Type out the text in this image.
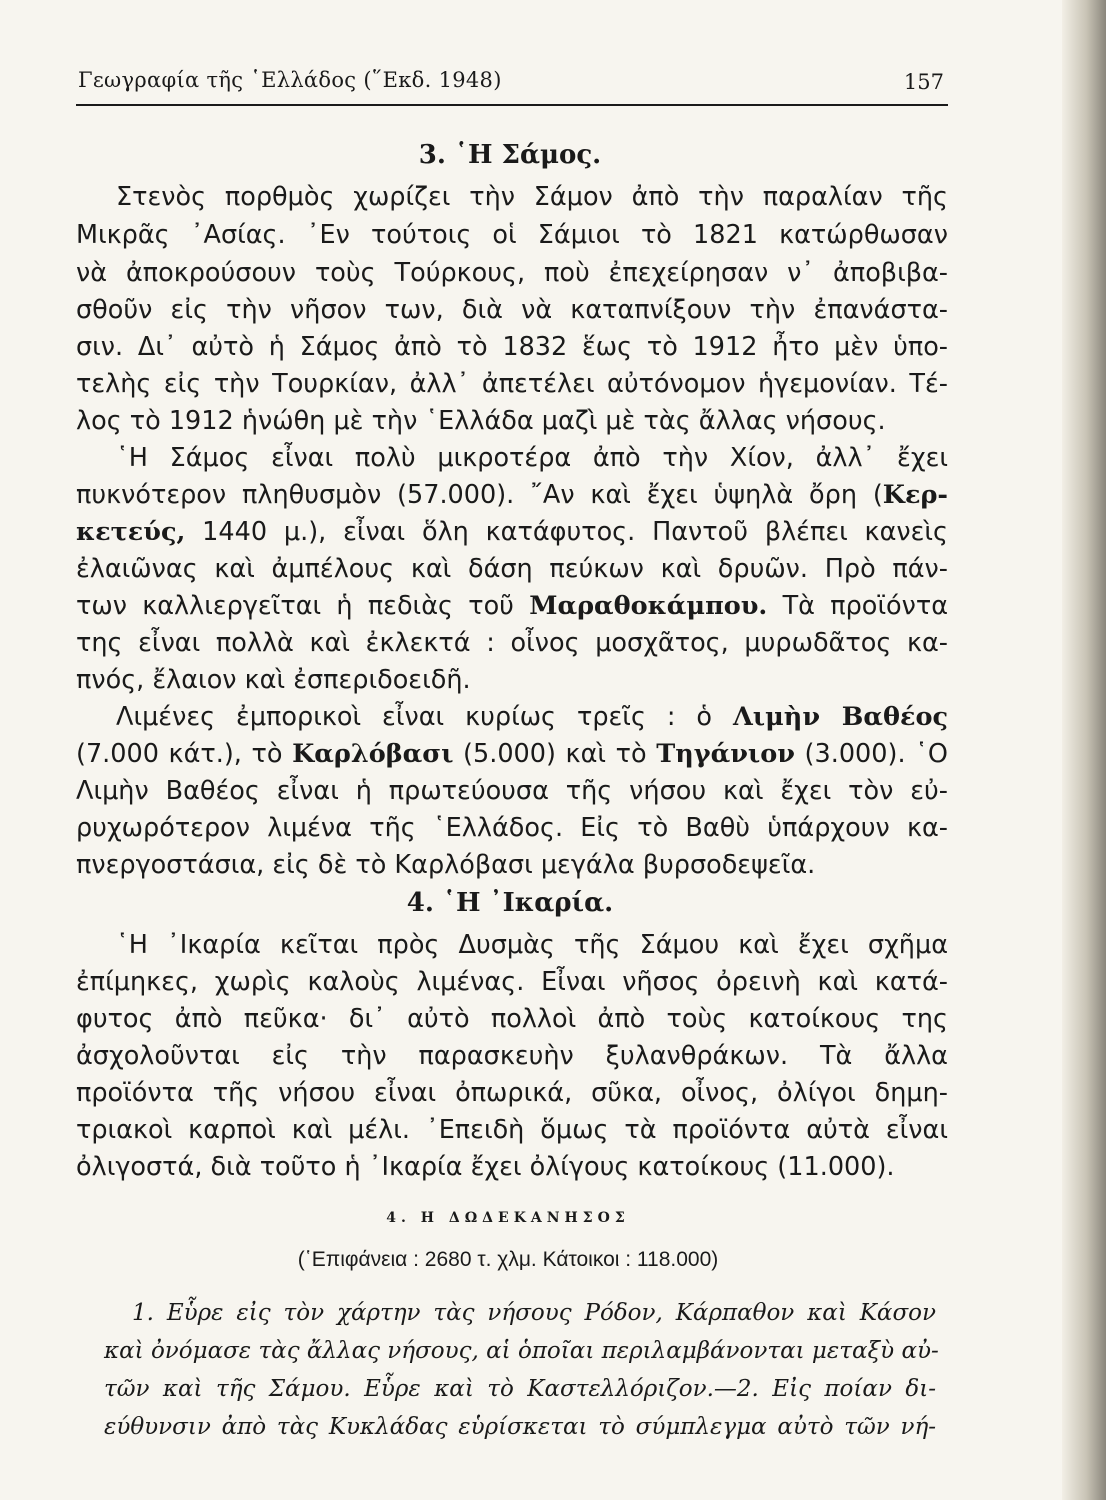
Γεωγραφία τῆς ῾Ελλάδος (῞Εκδ. 1948)	157
3. ῾Η Σάμος.
Στενὸς πορθμὸς χωρίζει τὴν Σάμον ἀπὸ τὴν παραλίαν τῆς
Μικρᾶς ᾿Ασίας. ᾿Εν τούτοις οἱ Σάμιοι τὸ 1821 κατώρθωσαν
νὰ ἀποκρούσουν τοὺς Τούρκους, ποὺ ἐπεχείρησαν ν᾿ ἀποβιβα-
σθοῦν εἰς τὴν νῆσον των, διὰ νὰ καταπνίξουν τὴν ἐπανάστα-
σιν. Δι᾿ αὐτὸ ἡ Σάμος ἀπὸ τὸ 1832 ἕως τὸ 1912 ἦτο μὲν ὑπο-
τελὴς εἰς τὴν Τουρκίαν, ἀλλ᾿ ἀπετέλει αὐτόνομον ἡγεμονίαν. Τέ-
λος τὸ 1912 ἡνώθη μὲ τὴν ῾Ελλάδα μαζὶ μὲ τὰς ἄλλας νήσους.
῾Η Σάμος εἶναι πολὺ μικροτέρα ἀπὸ τὴν Χίον, ἀλλ᾿ ἔχει
πυκνότερον πληθυσμὸν (57.000). ῎Αν καὶ ἔχει ὑψηλὰ ὄρη (Κερ-
κετεύς, 1440 μ.), εἶναι ὅλη κατάφυτος. Παντοῦ βλέπει κανεὶς
ἐλαιῶνας καὶ ἀμπέλους καὶ δάση πεύκων καὶ δρυῶν. Πρὸ πάν-
των καλλιεργεῖται ἡ πεδιὰς τοῦ Μαραθοκάμπου. Τὰ προϊόντα
της εἶναι πολλὰ καὶ ἐκλεκτά : οἶνος μοσχᾶτος, μυρωδᾶτος κα-
πνός, ἔλαιον καὶ ἐσπεριδοειδῆ.
Λιμένες ἐμπορικοὶ εἶναι κυρίως τρεῖς : ὁ Λιμὴν Βαθέος
(7.000 κάτ.), τὸ Καρλόβασι (5.000) καὶ τὸ Τηγάνιον (3.000). ῾Ο
Λιμὴν Βαθέος εἶναι ἡ πρωτεύουσα τῆς νήσου καὶ ἔχει τὸν εὐ-
ρυχωρότερον λιμένα τῆς ῾Ελλάδος. Εἰς τὸ Βαθὺ ὑπάρχουν κα-
πνεργοστάσια, εἰς δὲ τὸ Καρλόβασι μεγάλα βυρσοδεψεῖα.
4. ῾Η ᾿Ικαρία.
῾Η ᾿Ικαρία κεῖται πρὸς Δυσμὰς τῆς Σάμου καὶ ἔχει σχῆμα
ἐπίμηκες, χωρὶς καλοὺς λιμένας. Εἶναι νῆσος ὀρεινὴ καὶ κατά-
φυτος ἀπὸ πεῦκα· δι᾿ αὐτὸ πολλοὶ ἀπὸ τοὺς κατοίκους της
ἀσχολοῦνται εἰς τὴν παρασκευὴν ξυλανθράκων. Τὰ ἄλλα
προϊόντα τῆς νήσου εἶναι ὀπωρικά, σῦκα, οἶνος, ὀλίγοι δημη-
τριακοὶ καρποὶ καὶ μέλι. ᾿Επειδὴ ὅμως τὰ προϊόντα αὐτὰ εἶναι
ὀλιγοστά, διὰ τοῦτο ἡ ᾿Ικαρία ἔχει ὀλίγους κατοίκους (11.000).
4. Η ΔΩΔΕΚΑΝΗΣΟΣ
(῾Επιφάνεια : 2680 τ. χλμ. Κάτοικοι : 118.000)
1. Εὗρε εἰς τὸν χάρτην τὰς νήσους Ρόδον, Κάρπαθον καὶ Κάσον
καὶ ὀνόμασε τὰς ἄλλας νήσους, αἱ ὁποῖαι περιλαμβάνονται μεταξὺ αὐ-
τῶν καὶ τῆς Σάμου. Εὗρε καὶ τὸ Καστελλόριζον.—2. Εἰς ποίαν δι-
εύθυνσιν ἀπὸ τὰς Κυκλάδας εὑρίσκεται τὸ σύμπλεγμα αὐτὸ τῶν νή-
